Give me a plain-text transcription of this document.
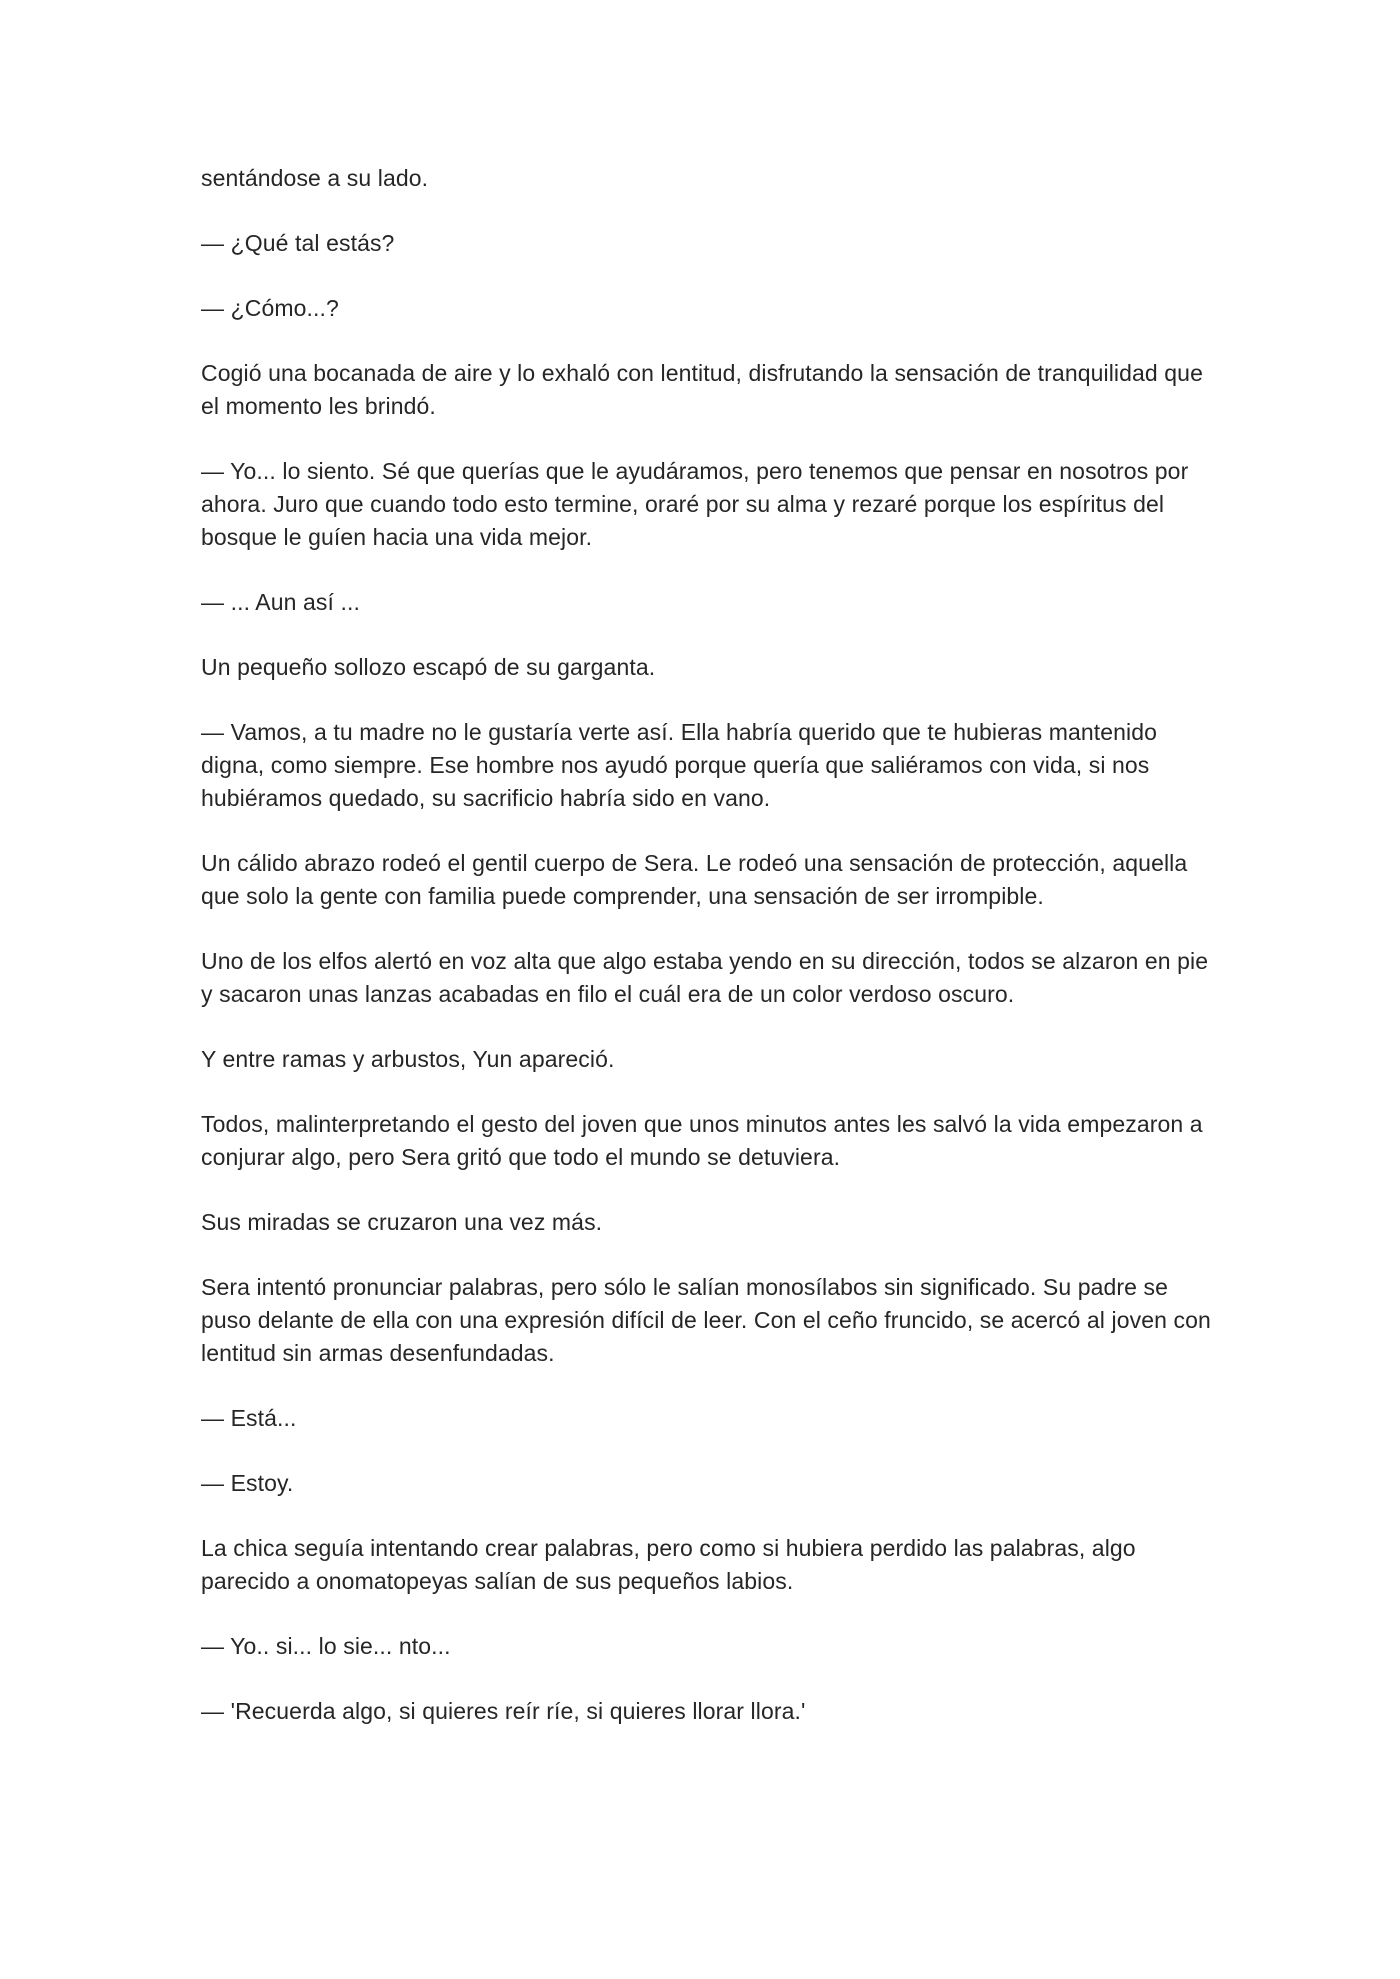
sentándose a su lado.

— ¿Qué tal estás?

— ¿Cómo...?

Cogió una bocanada de aire y lo exhaló con lentitud, disfrutando la sensación de tranquilidad que el momento les brindó.

— Yo... lo siento. Sé que querías que le ayudáramos, pero tenemos que pensar en nosotros por ahora. Juro que cuando todo esto termine, oraré por su alma y rezaré porque los espíritus del bosque le guíen hacia una vida mejor.

— ... Aun así ...

Un pequeño sollozo escapó de su garganta.

— Vamos, a tu madre no le gustaría verte así. Ella habría querido que te hubieras mantenido digna, como siempre. Ese hombre nos ayudó porque quería que saliéramos con vida, si nos hubiéramos quedado, su sacrificio habría sido en vano.

Un cálido abrazo rodeó el gentil cuerpo de Sera. Le rodeó una sensación de protección, aquella que solo la gente con familia puede comprender, una sensación de ser irrompible.

Uno de los elfos alertó en voz alta que algo estaba yendo en su dirección, todos se alzaron en pie y sacaron unas lanzas acabadas en filo el cuál era de un color verdoso oscuro.

Y entre ramas y arbustos, Yun apareció.

Todos, malinterpretando el gesto del joven que unos minutos antes les salvó la vida empezaron a conjurar algo, pero Sera gritó que todo el mundo se detuviera.

Sus miradas se cruzaron una vez más.

Sera intentó pronunciar palabras, pero sólo le salían monosílabos sin significado. Su padre se puso delante de ella con una expresión difícil de leer. Con el ceño fruncido, se acercó al joven con lentitud sin armas desenfundadas.

— Está...

— Estoy.

La chica seguía intentando crear palabras, pero como si hubiera perdido las palabras, algo parecido a onomatopeyas salían de sus pequeños labios.

— Yo.. si... lo sie... nto...

— 'Recuerda algo, si quieres reír ríe, si quieres llorar llora.'
